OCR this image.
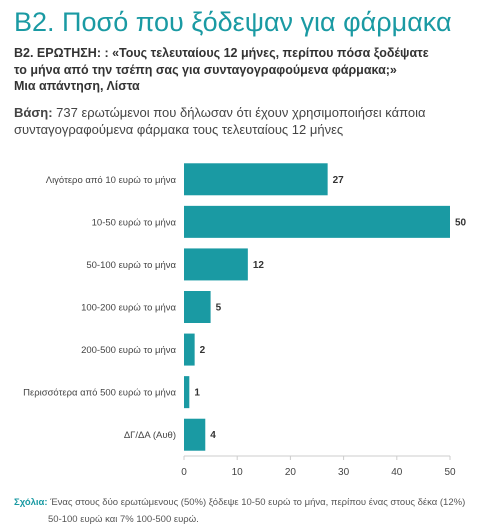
B2. Ποσό που ξόδεψαν για φάρμακα
B2. ΕΡΩΤΗΣΗ: : «Τους τελευταίους 12 μήνες, περίπου πόσα ξοδέψατε
το μήνα από την τσέπη σας για συνταγογραφούμενα φάρμακα;»
Μια απάντηση, Λίστα
Βάση: 737 ερωτώμενοι που δήλωσαν ότι έχουν χρησιμοποιήσει κάποια
συνταγογραφούμενα φάρμακα τους τελευταίους 12 μήνες
Λιγότερο από 10 ευρώ το μήνα	27
10-50 ευρώ το μήνα	50
50-100 ευρώ το μήνα	12
100-200 ευρώ το μήνα	5
200-500 ευρώ το μήνα 2
Περισσότερα από 500 ευρώ το μήνα 1
ΔΓ/ΔΑ (Αυθ)	4
0	10	20	30	40	50
Σχόλια: Ένας στους δύο ερωτώμενους (50%) ξόδεψε 10-50 ευρώ το μήνα, περίπου ένας στους δέκα (12%)
50-100 ευρώ και 7% 100-500 ευρώ.
